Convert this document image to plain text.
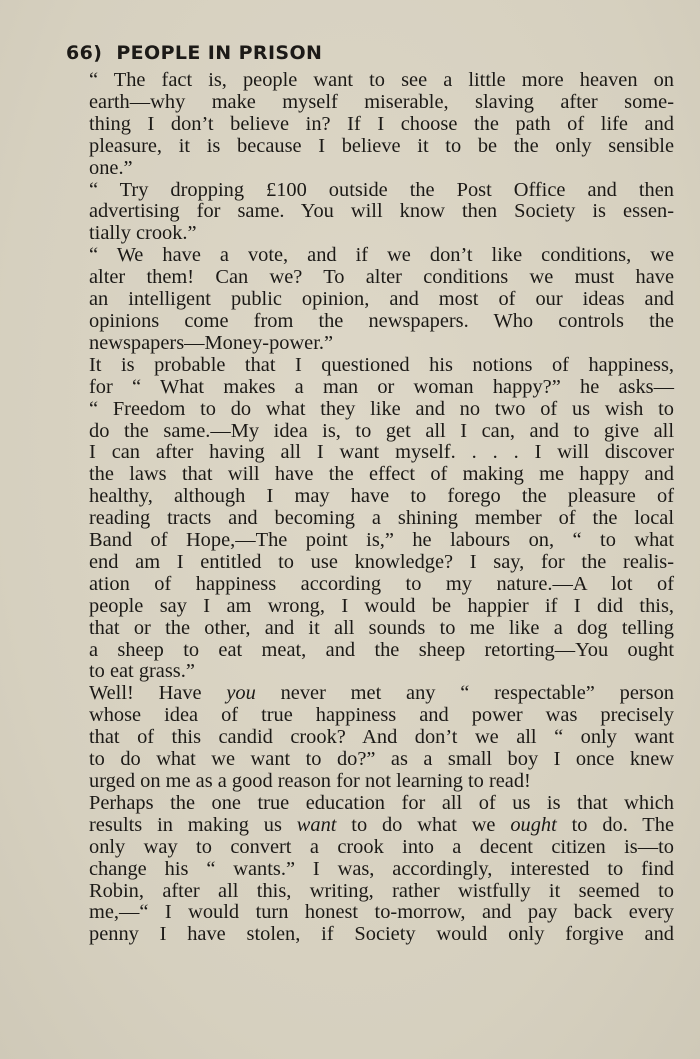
66) PEOPLE IN PRISON
“ The fact is, people want to see a little more heaven on
earth—why make myself miserable, slaving after some-
thing I don’t believe in? If I choose the path of life and
pleasure, it is because I believe it to be the only sensible
one.”
“ Try dropping £100 outside the Post Office and then
advertising for same. You will know then Society is essen-
tially crook.”
“ We have a vote, and if we don’t like conditions, we
alter them! Can we? To alter conditions we must have
an intelligent public opinion, and most of our ideas and
opinions come from the newspapers. Who controls the
newspapers—Money-power.”
It is probable that I questioned his notions of happiness,
for “ What makes a man or woman happy?” he asks—
“ Freedom to do what they like and no two of us wish to
do the same.—My idea is, to get all I can, and to give all
I can after having all I want myself. . . . I will discover
the laws that will have the effect of making me happy and
healthy, although I may have to forego the pleasure of
reading tracts and becoming a shining member of the local
Band of Hope,—The point is,” he labours on, “ to what
end am I entitled to use knowledge? I say, for the realis-
ation of happiness according to my nature.—A lot of
people say I am wrong, I would be happier if I did this,
that or the other, and it all sounds to me like a dog telling
a sheep to eat meat, and the sheep retorting—You ought
to eat grass.”
Well! Have you never met any “ respectable” person
whose idea of true happiness and power was precisely
that of this candid crook? And don’t we all “ only want
to do what we want to do?” as a small boy I once knew
urged on me as a good reason for not learning to read!
Perhaps the one true education for all of us is that which
results in making us want to do what we ought to do. The
only way to convert a crook into a decent citizen is—to
change his “ wants.” I was, accordingly, interested to find
Robin, after all this, writing, rather wistfully it seemed to
me,—“ I would turn honest to-morrow, and pay back every
penny I have stolen, if Society would only forgive and
